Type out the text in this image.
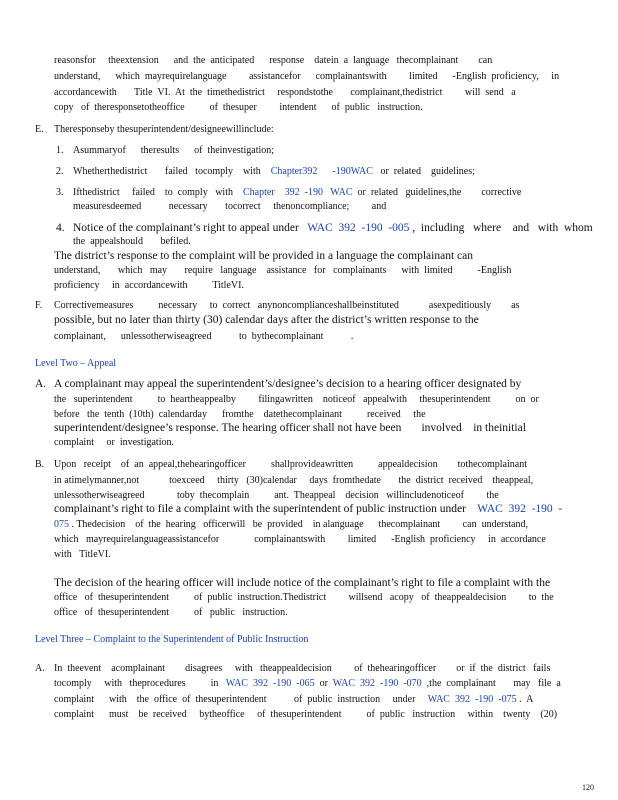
reasonsfor     theextension      and  the  anticipated      response    datein  a  language   thecomplainant        can
understand,      which  mayrequirelanguage         assistancefor      complainantswith         limited      -English  proficiency,     in
accordancewith       Title  VI.  At  the  timethedistrict     respondstothe       complainant,thedistrict         will  send   a
copy   of  theresponsetotheoffice          of  thesuper         intendent      of  public   instruction.
E. Theresponseby thesuperintendent/designeewillinclude:
1. Asummaryof      theresults      of  theinvestigation;
2. Whetherthedistrict       failed   tocomply    with    Chapter392      -190WAC   or  related    guidelines;
3. Ifthedistrict     failed    to  comply   with    Chapter    392  -190   WAC  or  related   guidelines,the        corrective
measuresdeemed           necessary       tocorrect     thenoncompliance;         and
4. Notice of the complainant’s right to appeal under   WAC  392  -190  -005 ,  including   where    and   with  whom
the  appealshould       befiled.
The district’s response to the complaint will be provided in a language the complainant can
understand,       which   may       require   language    assistance   for   complainants      with  limited          -English
proficiency     in  accordancewith          TitleVI.
F. Correctivemeasures          necessary     to  correct   anynoncomplianceshallbeinstituted            asexpeditiously        as
possible, but no later than thirty (30) calendar days after the district’s written response to the
complainant,      unlessotherwiseagreed           to  bythecomplainant           .
Level Two – Appeal
A. A complainant may appeal the superintendent’s/designee’s decision to a hearing officer designated by
the   superintendent          to  heartheappealby         filingawritten    noticeof   appealwith     thesuperintendent          on  or
before   the  tenth  (10th)  calendarday      fromthe    datethecomplainant          received     the
superintendent/designee’s response. The hearing officer shall not have been       involved    in theinitial
complaint     or  investigation.
B. Upon   receipt    of  an  appeal,thehearingofficer          shallprovideawritten          appealdecision        tothecomplainant
in atimelymanner,not            toexceed     thirty   (30)calendar     days  fromthedate       the  district  received    theappeal,
unlessotherwiseagreed             toby  thecomplain          ant.  Theappeal    decision   willincludenoticeof         the
complainant’s right to file a complaint with the superintendent of public instruction under    WAC  392  -190  -
075 . Thedecision    of  the  hearing   officerwill   be  provided    in alanguage      thecomplainant         can  understand,
which   mayrequirelanguageassistancefor              complainantswith         limited      -English  proficiency     in  accordance
with   TitleVI.
The decision of the hearing officer will include notice of the complainant’s right to file a complaint with the
office   of  thesuperintendent          of  public  instruction.Thedistrict         willsend   acopy   of  theappealdecision         to  the
office   of  thesuperintendent          of   public   instruction.
Level Three – Complaint to the Superintendent of Public Instruction
A. In  theevent    acomplainant        disagrees     with   theappealdecision         of  thehearingofficer        or  if  the  district   fails
tocomply     with   theprocedures          in   WAC  392  -190  -065  or  WAC  392  -190  -070  ,the  complainant       may   file  a
complaint      with    the  office  of  thesuperintendent           of  public  instruction     under     WAC  392  -190  -075 .  A
complaint      must    be  received     bytheoffice     of  thesuperintendent          of  public   instruction     within    twenty    (20)
120
